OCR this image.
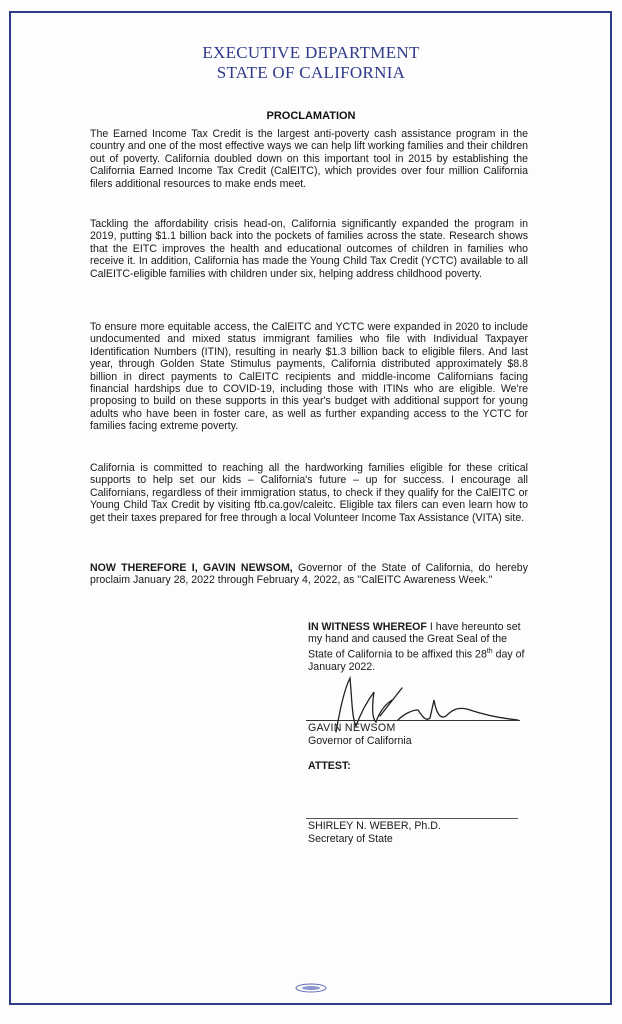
EXECUTIVE DEPARTMENT
STATE OF CALIFORNIA
PROCLAMATION

The Earned Income Tax Credit is the largest anti-poverty cash assistance program in the country and one of the most effective ways we can help lift working families and their children out of poverty. California doubled down on this important tool in 2015 by establishing the California Earned Income Tax Credit (CalEITC), which provides over four million California filers additional resources to make ends meet.

Tackling the affordability crisis head-on, California significantly expanded the program in 2019, putting $1.1 billion back into the pockets of families across the state. Research shows that the EITC improves the health and educational outcomes of children in families who receive it. In addition, California has made the Young Child Tax Credit (YCTC) available to all CalEITC-eligible families with children under six, helping address childhood poverty.

To ensure more equitable access, the CalEITC and YCTC were expanded in 2020 to include undocumented and mixed status immigrant families who file with Individual Taxpayer Identification Numbers (ITIN), resulting in nearly $1.3 billion back to eligible filers. And last year, through Golden State Stimulus payments, California distributed approximately $8.8 billion in direct payments to CalEITC recipients and middle-income Californians facing financial hardships due to COVID-19, including those with ITINs who are eligible. We're proposing to build on these supports in this year's budget with additional support for young adults who have been in foster care, as well as further expanding access to the YCTC for families facing extreme poverty.

California is committed to reaching all the hardworking families eligible for these critical supports to help set our kids – California's future – up for success. I encourage all Californians, regardless of their immigration status, to check if they qualify for the CalEITC or Young Child Tax Credit by visiting ftb.ca.gov/caleitc. Eligible tax filers can even learn how to get their taxes prepared for free through a local Volunteer Income Tax Assistance (VITA) site.

NOW THEREFORE I, GAVIN NEWSOM, Governor of the State of California, do hereby proclaim January 28, 2022 through February 4, 2022, as "CalEITC Awareness Week."

IN WITNESS WHEREOF I have hereunto set my hand and caused the Great Seal of the State of California to be affixed this 28th day of January 2022.

GAVIN NEWSOM
Governor of California
ATTEST:
SHIRLEY N. WEBER, Ph.D.
Secretary of State
